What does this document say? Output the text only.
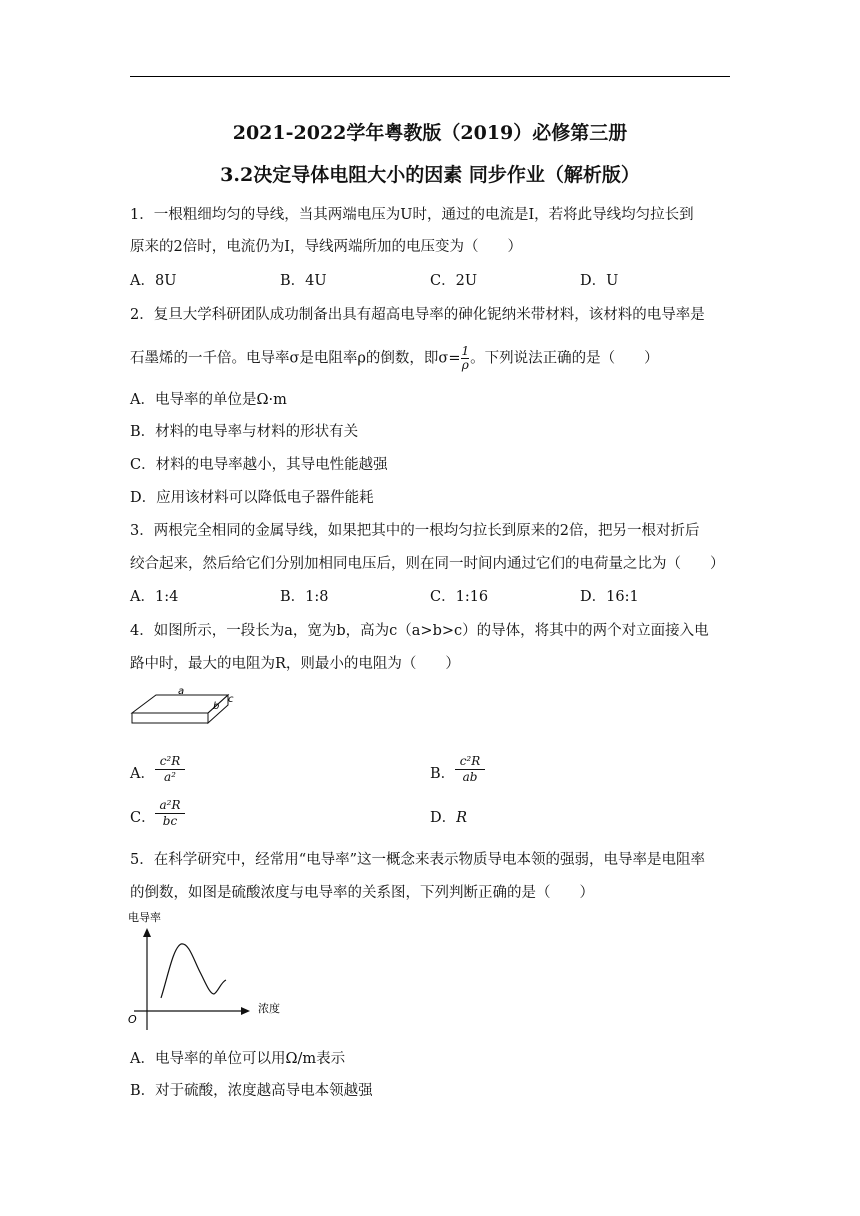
2021-2022学年粤教版（2019）必修第三册
3.2决定导体电阻大小的因素 同步作业（解析版）
1．一根粗细均匀的导线，当其两端电压为U时，通过的电流是I，若将此导线均匀拉长到
原来的2倍时，电流仍为I，导线两端所加的电压变为（　　）
A．8U	B．4U	C．2U	D．U
2．复旦大学科研团队成功制备出具有超高电导率的砷化铌纳米带材料，该材料的电导率是
石墨烯的一千倍。电导率σ是电阻率ρ的倒数，即$\sigma= \frac{1}{\rho}$ 。下列说法正确的是（　　）
A．电导率的单位是Ω·m
B．材料的电导率与材料的形状有关
C．材料的电导率越小，其导电性能越强
D．应用该材料可以降低电子器件能耗
3．两根完全相同的金属导线，如果把其中的一根均匀拉长到原来的2倍，把另一根对折后
绞合起来，然后给它们分别加相同电压后，则在同一时间内通过它们的电荷量之比为（　　）
A．1:4	B．1:8	C．1:16	D．16:1
4．如图所示，一段长为a，宽为b，高为c（a>b>c）的导体，将其中的两个对立面接入电
路中时，最大的电阻为R，则最小的电阻为（　　）
a
b
c
A． $\frac{\text{c²R}}{\text{a²}}$	B． $\frac{\text{c²R}}{ab}$
C． $\frac{\text{a²R}}{bc}$	D．R
5．在科学研究中，经常用“电导率”这一概念来表示物质导电本领的强弱，电导率是电阻率
的倒数，如图是硫酸浓度与电导率的关系图，下列判断正确的是（　　）
电导率
浓度
O
A．电导率的单位可以用Ω/m表示
B．对于硫酸，浓度越高导电本领越强
